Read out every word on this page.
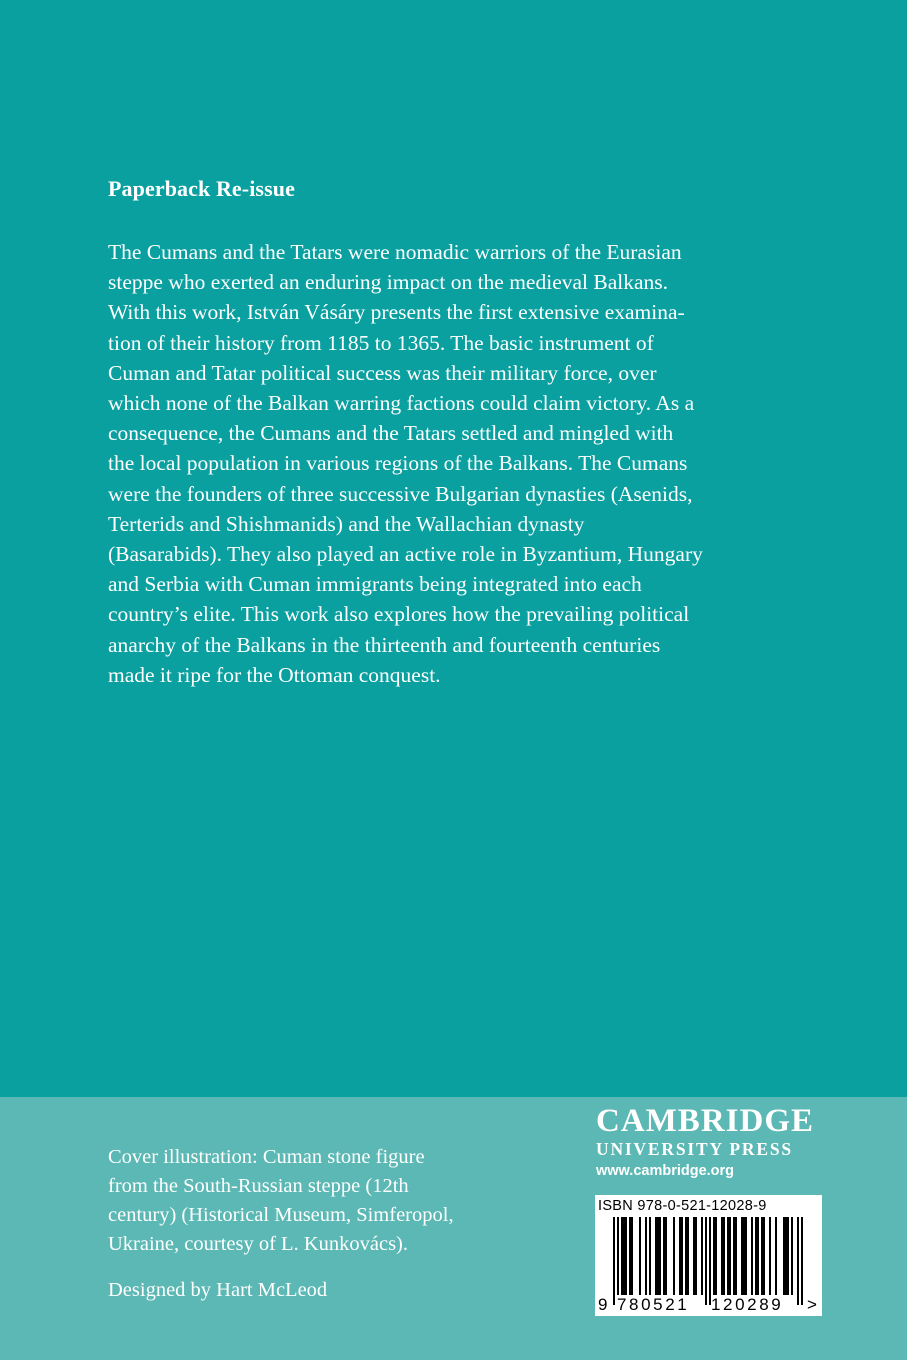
Paperback Re-issue
The Cumans and the Tatars were nomadic warriors of the Eurasian
steppe who exerted an enduring impact on the medieval Balkans.
With this work, István Vásáry presents the first extensive examina-
tion of their history from 1185 to 1365. The basic instrument of
Cuman and Tatar political success was their military force, over
which none of the Balkan warring factions could claim victory. As a
consequence, the Cumans and the Tatars settled and mingled with
the local population in various regions of the Balkans. The Cumans
were the founders of three successive Bulgarian dynasties (Asenids,
Terterids and Shishmanids) and the Wallachian dynasty
(Basarabids). They also played an active role in Byzantium, Hungary
and Serbia with Cuman immigrants being integrated into each
country’s elite. This work also explores how the prevailing political
anarchy of the Balkans in the thirteenth and fourteenth centuries
made it ripe for the Ottoman conquest.
Cover illustration: Cuman stone figure
from the South-Russian steppe (12th
century) (Historical Museum, Simferopol,
Ukraine, courtesy of L. Kunkovács).
Designed by Hart McLeod
CAMBRIDGE
UNIVERSITY PRESS
www.cambridge.org
ISBN 978-0-521-12028-9
9 780521 120289 >
